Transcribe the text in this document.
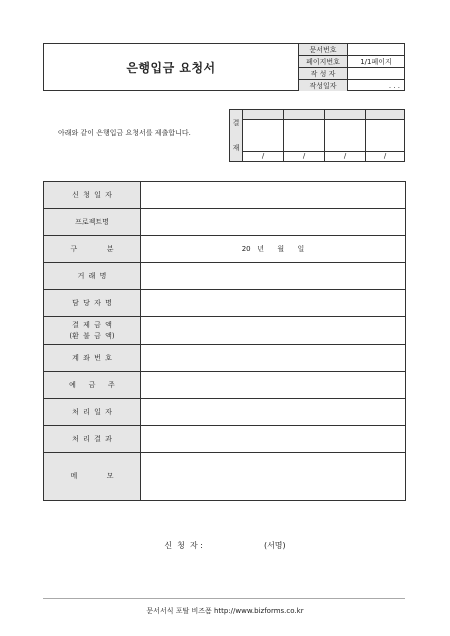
은행입금 요청서
문서번호	
페이지번호	1/1페이지
작 성 자	
작성일자	. . .
아래와 같이 은행입금 요청서를 제출합니다.
결
재
/	/	/	/
신 청 일 자
프로젝트명
구       분	20   년      월      일
거 래 명
담 당 자 명
결 제 금 액
(환 불 금 액)
계 좌 번 호
예   금   주
처 리 일 자
처 리 결 과
메       모
신  청  자 :                        (서명)
문서서식 포탈 비즈폼 http://www.bizforms.co.kr
